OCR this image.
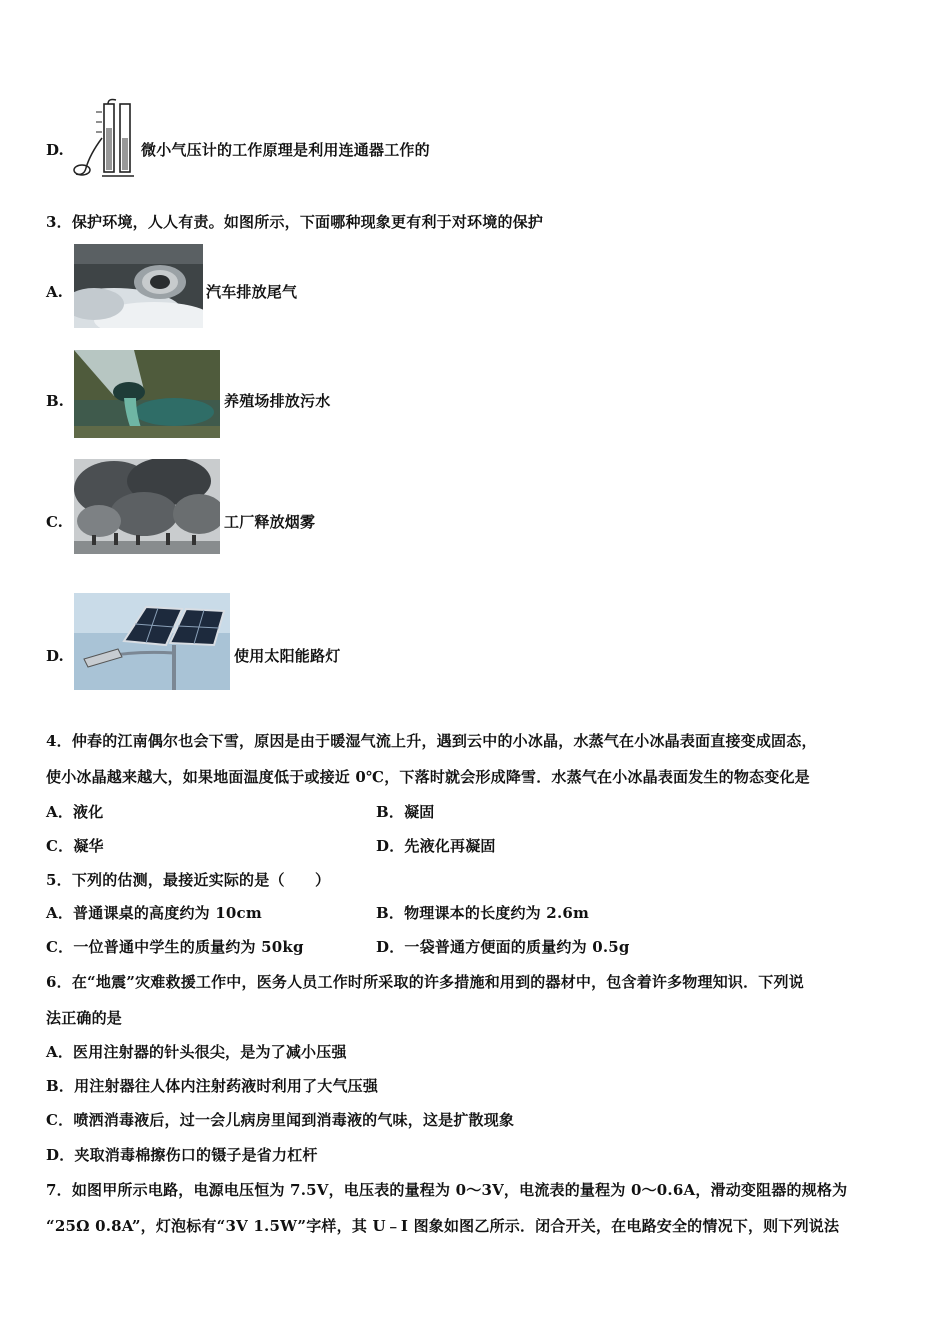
D.	微小气压计的工作原理是利用连通器工作的
3．保护环境，人人有责。如图所示，下面哪种现象更有利于对环境的保护
A.	汽车排放尾气
B.	养殖场排放污水
C.	工厂释放烟雾
D.	使用太阳能路灯
4．仲春的江南偶尔也会下雪，原因是由于暖湿气流上升，遇到云中的小冰晶，水蒸气在小冰晶表面直接变成固态，
使小冰晶越来越大，如果地面温度低于或接近 0℃，下落时就会形成降雪．水蒸气在小冰晶表面发生的物态变化是
A．液化	B．凝固
C．凝华	D．先液化再凝固
5．下列的估测，最接近实际的是（　　）
A．普通课桌的高度约为 10cm	B．物理课本的长度约为 2.6m
C．一位普通中学生的质量约为 50kg	D．一袋普通方便面的质量约为 0.5g
6．在“地震”灾难救援工作中，医务人员工作时所采取的许多措施和用到的器材中，包含着许多物理知识．下列说
法正确的是
A．医用注射器的针头很尖，是为了减小压强
B．用注射器往人体内注射药液时利用了大气压强
C．喷洒消毒液后，过一会儿病房里闻到消毒液的气味，这是扩散现象
D．夹取消毒棉擦伤口的镊子是省力杠杆
7．如图甲所示电路，电源电压恒为 7.5V，电压表的量程为 0～3V，电流表的量程为 0～0.6A，滑动变阻器的规格为
“25Ω 0.8A”，灯泡标有“3V 1.5W”字样，其 U﹣I 图象如图乙所示．闭合开关，在电路安全的情况下，则下列说法
